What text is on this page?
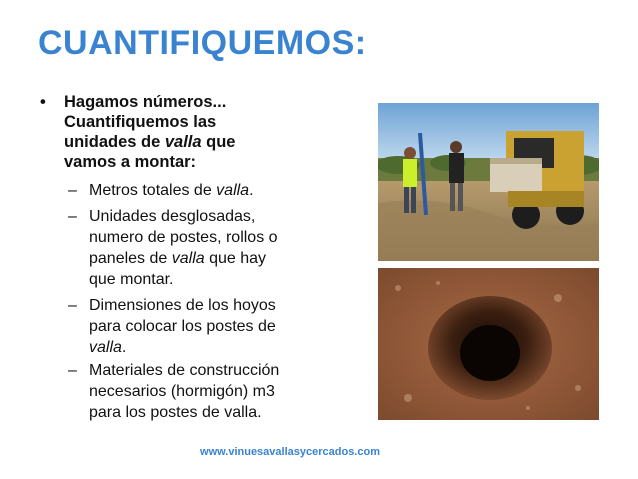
CUANTIFIQUEMOS:
• Hagamos números...
Cuantifiquemos las
unidades de valla que
vamos a montar:
– Metros totales de valla.
– Unidades desglosadas,
numero de postes, rollos o
paneles de valla que hay
que montar.
– Dimensiones de los hoyos
para colocar los postes de
valla.
– Materiales de construcción
necesarios (hormigón) m3
para los postes de valla.
www.vinuesavallasycercados.com
